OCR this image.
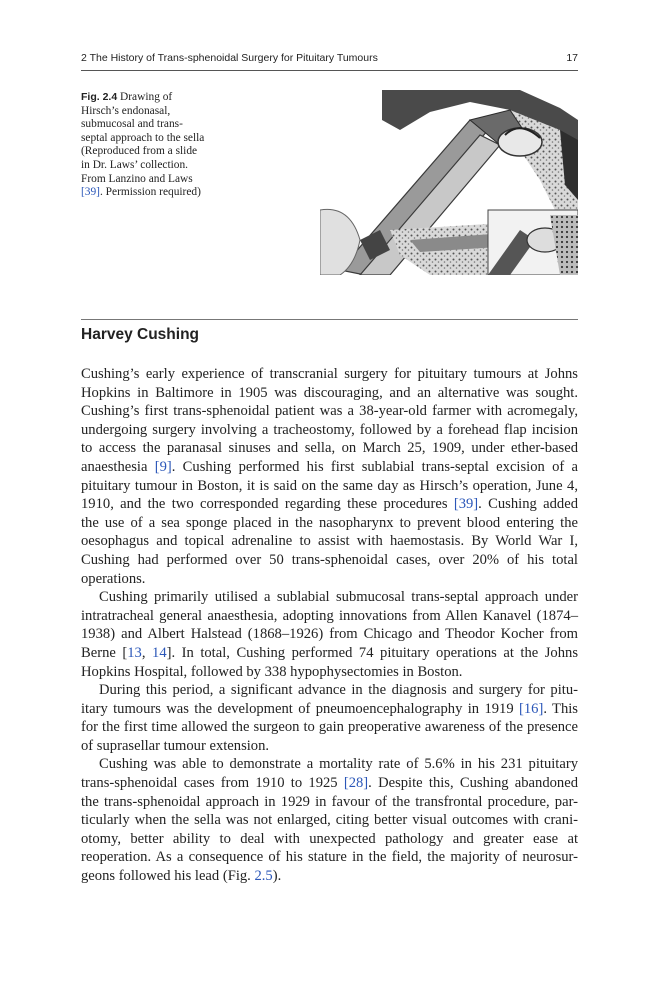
2 The History of Trans-sphenoidal Surgery for Pituitary Tumours	17
Fig. 2.4 Drawing of
Hirsch’s endonasal,
submucosal and trans-
septal approach to the sella
(Reproduced from a slide
in Dr. Laws’ collection.
From Lanzino and Laws
[39]. Permission required)
Harvey Cushing
Cushing’s early experience of transcranial surgery for pituitary tumours at Johns
Hopkins in Baltimore in 1905 was discouraging, and an alternative was sought.
Cushing’s first trans-sphenoidal patient was a 38-year-old farmer with acromegaly,
undergoing surgery involving a tracheostomy, followed by a forehead flap incision
to access the paranasal sinuses and sella, on March 25, 1909, under ether-based
anaesthesia [9]. Cushing performed his first sublabial trans-septal excision of a
pituitary tumour in Boston, it is said on the same day as Hirsch’s operation, June 4,
1910, and the two corresponded regarding these procedures [39]. Cushing added
the use of a sea sponge placed in the nasopharynx to prevent blood entering the
oesophagus and topical adrenaline to assist with haemostasis. By World War I,
Cushing had performed over 50 trans-sphenoidal cases, over 20% of his total
operations.
Cushing primarily utilised a sublabial submucosal trans-septal approach under
intratracheal general anaesthesia, adopting innovations from Allen Kanavel (1874–
1938) and Albert Halstead (1868–1926) from Chicago and Theodor Kocher from
Berne [13, 14]. In total, Cushing performed 74 pituitary operations at the Johns
Hopkins Hospital, followed by 338 hypophysectomies in Boston.
During this period, a significant advance in the diagnosis and surgery for pitu-
itary tumours was the development of pneumoencephalography in 1919 [16]. This
for the first time allowed the surgeon to gain preoperative awareness of the presence
of suprasellar tumour extension.
Cushing was able to demonstrate a mortality rate of 5.6% in his 231 pituitary
trans-sphenoidal cases from 1910 to 1925 [28]. Despite this, Cushing abandoned
the trans-sphenoidal approach in 1929 in favour of the transfrontal procedure, par-
ticularly when the sella was not enlarged, citing better visual outcomes with crani-
otomy, better ability to deal with unexpected pathology and greater ease at
reoperation. As a consequence of his stature in the field, the majority of neurosur-
geons followed his lead (Fig. 2.5).
